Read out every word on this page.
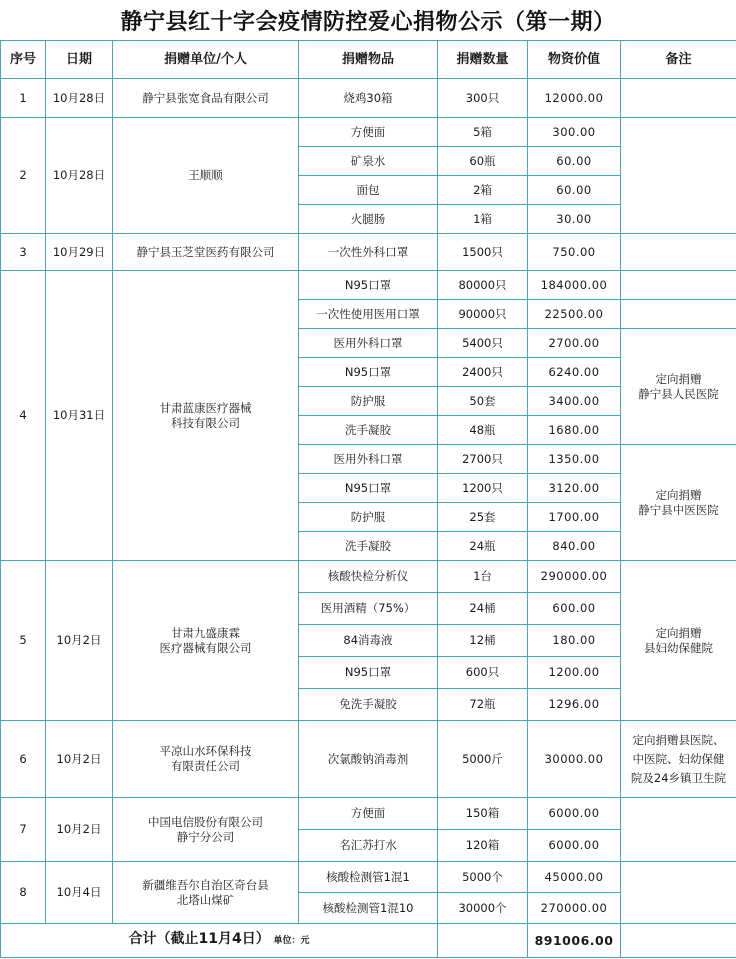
静宁县红十字会疫情防控爱心捐物公示（第一期）
序号	日期	捐赠单位/个人	捐赠物品	捐赠数量	物资价值	备注
1	10月28日	静宁县张宽食品有限公司	烧鸡30箱	300只	12000.00	
2	10月28日	王顺顺	方便面	5箱	300.00	
			矿泉水	60瓶	60.00	
			面包	2箱	60.00	
			火腿肠	1箱	30.00	
3	10月29日	静宁县玉芝堂医药有限公司	一次性外科口罩	1500只	750.00	
4	10月31日	甘肃蓝康医疗器械
科技有限公司	N95口罩	80000只	184000.00	
			一次性使用医用口罩	90000只	22500.00	
			医用外科口罩	5400只	2700.00	定向捐赠
静宁县人民医院
			N95口罩	2400只	6240.00	
			防护服	50套	3400.00	
			洗手凝胶	48瓶	1680.00	
			医用外科口罩	2700只	1350.00	定向捐赠
静宁县中医医院
			N95口罩	1200只	3120.00	
			防护服	25套	1700.00	
			洗手凝胶	24瓶	840.00	
5	10月2日	甘肃九盛康霖
医疗器械有限公司	核酸快检分析仪	1台	290000.00	定向捐赠
县妇幼保健院
			医用酒精（75%）	24桶	600.00	
			84消毒液	12桶	180.00	
			N95口罩	600只	1200.00	
			免洗手凝胶	72瓶	1296.00	
6	10月2日	平凉山水环保科技
有限责任公司	次氯酸钠消毒剂	5000斤	30000.00	定向捐赠县医院、
中医院、妇幼保健
院及24乡镇卫生院
7	10月2日	中国电信股份有限公司
静宁分公司	方便面	150箱	6000.00	
			名汇苏打水	120箱	6000.00	
8	10月4日	新疆维吾尔自治区奇台县
北塔山煤矿	核酸检测管1混1	5000个	45000.00	
			核酸检测管1混10	30000个	270000.00	
合计（截止11月4日） 单位：元					891006.00	
